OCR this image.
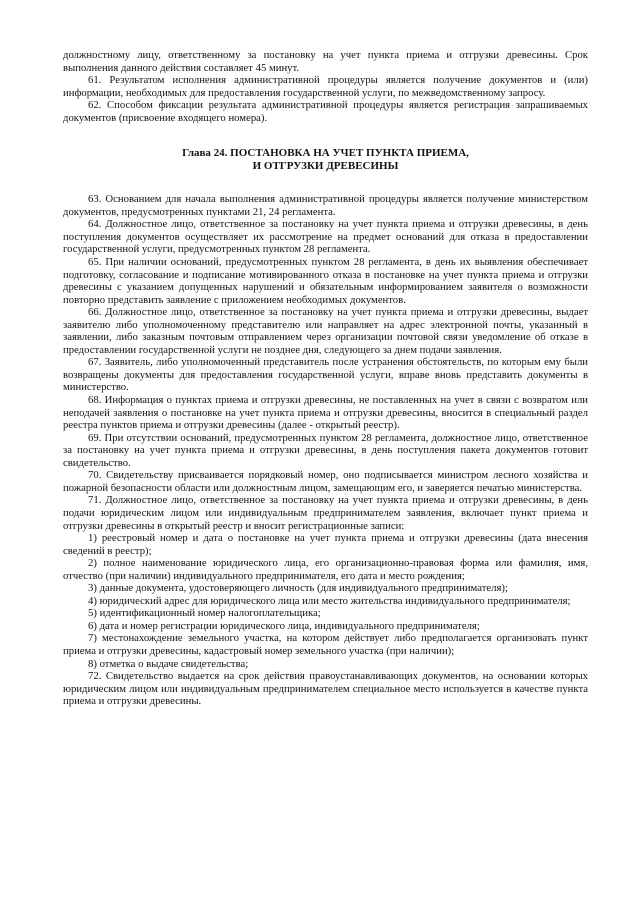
должностному лицу, ответственному за постановку на учет пункта приема и отгрузки древесины. Срок выполнения данного действия составляет 45 минут.

61. Результатом исполнения административной процедуры является получение документов и (или) информации, необходимых для предоставления государственной услуги, по межведомственному запросу.

62. Способом фиксации результата административной процедуры является регистрация запрашиваемых документов (присвоение входящего номера).

Глава 24. ПОСТАНОВКА НА УЧЕТ ПУНКТА ПРИЕМА,
И ОТГРУЗКИ ДРЕВЕСИНЫ

63. Основанием для начала выполнения административной процедуры является получение министерством документов, предусмотренных пунктами 21, 24 регламента.

64. Должностное лицо, ответственное за постановку на учет пункта приема и отгрузки древесины, в день поступления документов осуществляет их рассмотрение на предмет оснований для отказа в предоставлении государственной услуги, предусмотренных пунктом 28 регламента.

65. При наличии оснований, предусмотренных пунктом 28 регламента, в день их выявления обеспечивает подготовку, согласование и подписание мотивированного отказа в постановке на учет пункта приема и отгрузки древесины с указанием допущенных нарушений и обязательным информированием заявителя о возможности повторно представить заявление с приложением необходимых документов.

66. Должностное лицо, ответственное за постановку на учет пункта приема и отгрузки древесины, выдает заявителю либо уполномоченному представителю или направляет на адрес электронной почты, указанный в заявлении, либо заказным почтовым отправлением через организации почтовой связи уведомление об отказе в предоставлении государственной услуги не позднее дня, следующего за днем подачи заявления.

67. Заявитель, либо уполномоченный представитель после устранения обстоятельств, по которым ему были возвращены документы для предоставления государственной услуги, вправе вновь представить документы в министерство.

68. Информация о пунктах приема и отгрузки древесины, не поставленных на учет в связи с возвратом или неподачей заявления о постановке на учет пункта приема и отгрузки древесины, вносится в специальный раздел реестра пунктов приема и отгрузки древесины (далее - открытый реестр).

69. При отсутствии оснований, предусмотренных пунктом 28 регламента, должностное лицо, ответственное за постановку на учет пункта приема и отгрузки древесины, в день поступления пакета документов готовит свидетельство.

70. Свидетельству присваивается порядковый номер, оно подписывается министром лесного хозяйства и пожарной безопасности области или должностным лицом, замещающим его, и заверяется печатью министерства.

71. Должностное лицо, ответственное за постановку на учет пункта приема и отгрузки древесины, в день подачи юридическим лицом или индивидуальным предпринимателем заявления, включает пункт приема и отгрузки древесины в открытый реестр и вносит регистрационные записи:

1) реестровый номер и дата о постановке на учет пункта приема и отгрузки древесины (дата внесения сведений в реестр);

2) полное наименование юридического лица, его организационно-правовая форма или фамилия, имя, отчество (при наличии) индивидуального предпринимателя, его дата и место рождения;

3) данные документа, удостоверяющего личность (для индивидуального предпринимателя);

4) юридический адрес для юридического лица или место жительства индивидуального предпринимателя;

5) идентификационный номер налогоплательщика;

6) дата и номер регистрации юридического лица, индивидуального предпринимателя;

7) местонахождение земельного участка, на котором действует либо предполагается организовать пункт приема и отгрузки древесины, кадастровый номер земельного участка (при наличии);

8) отметка о выдаче свидетельства;

72. Свидетельство выдается на срок действия правоустанавливающих документов, на основании которых юридическим лицом или индивидуальным предпринимателем специальное место используется в качестве пункта приема и отгрузки древесины.
